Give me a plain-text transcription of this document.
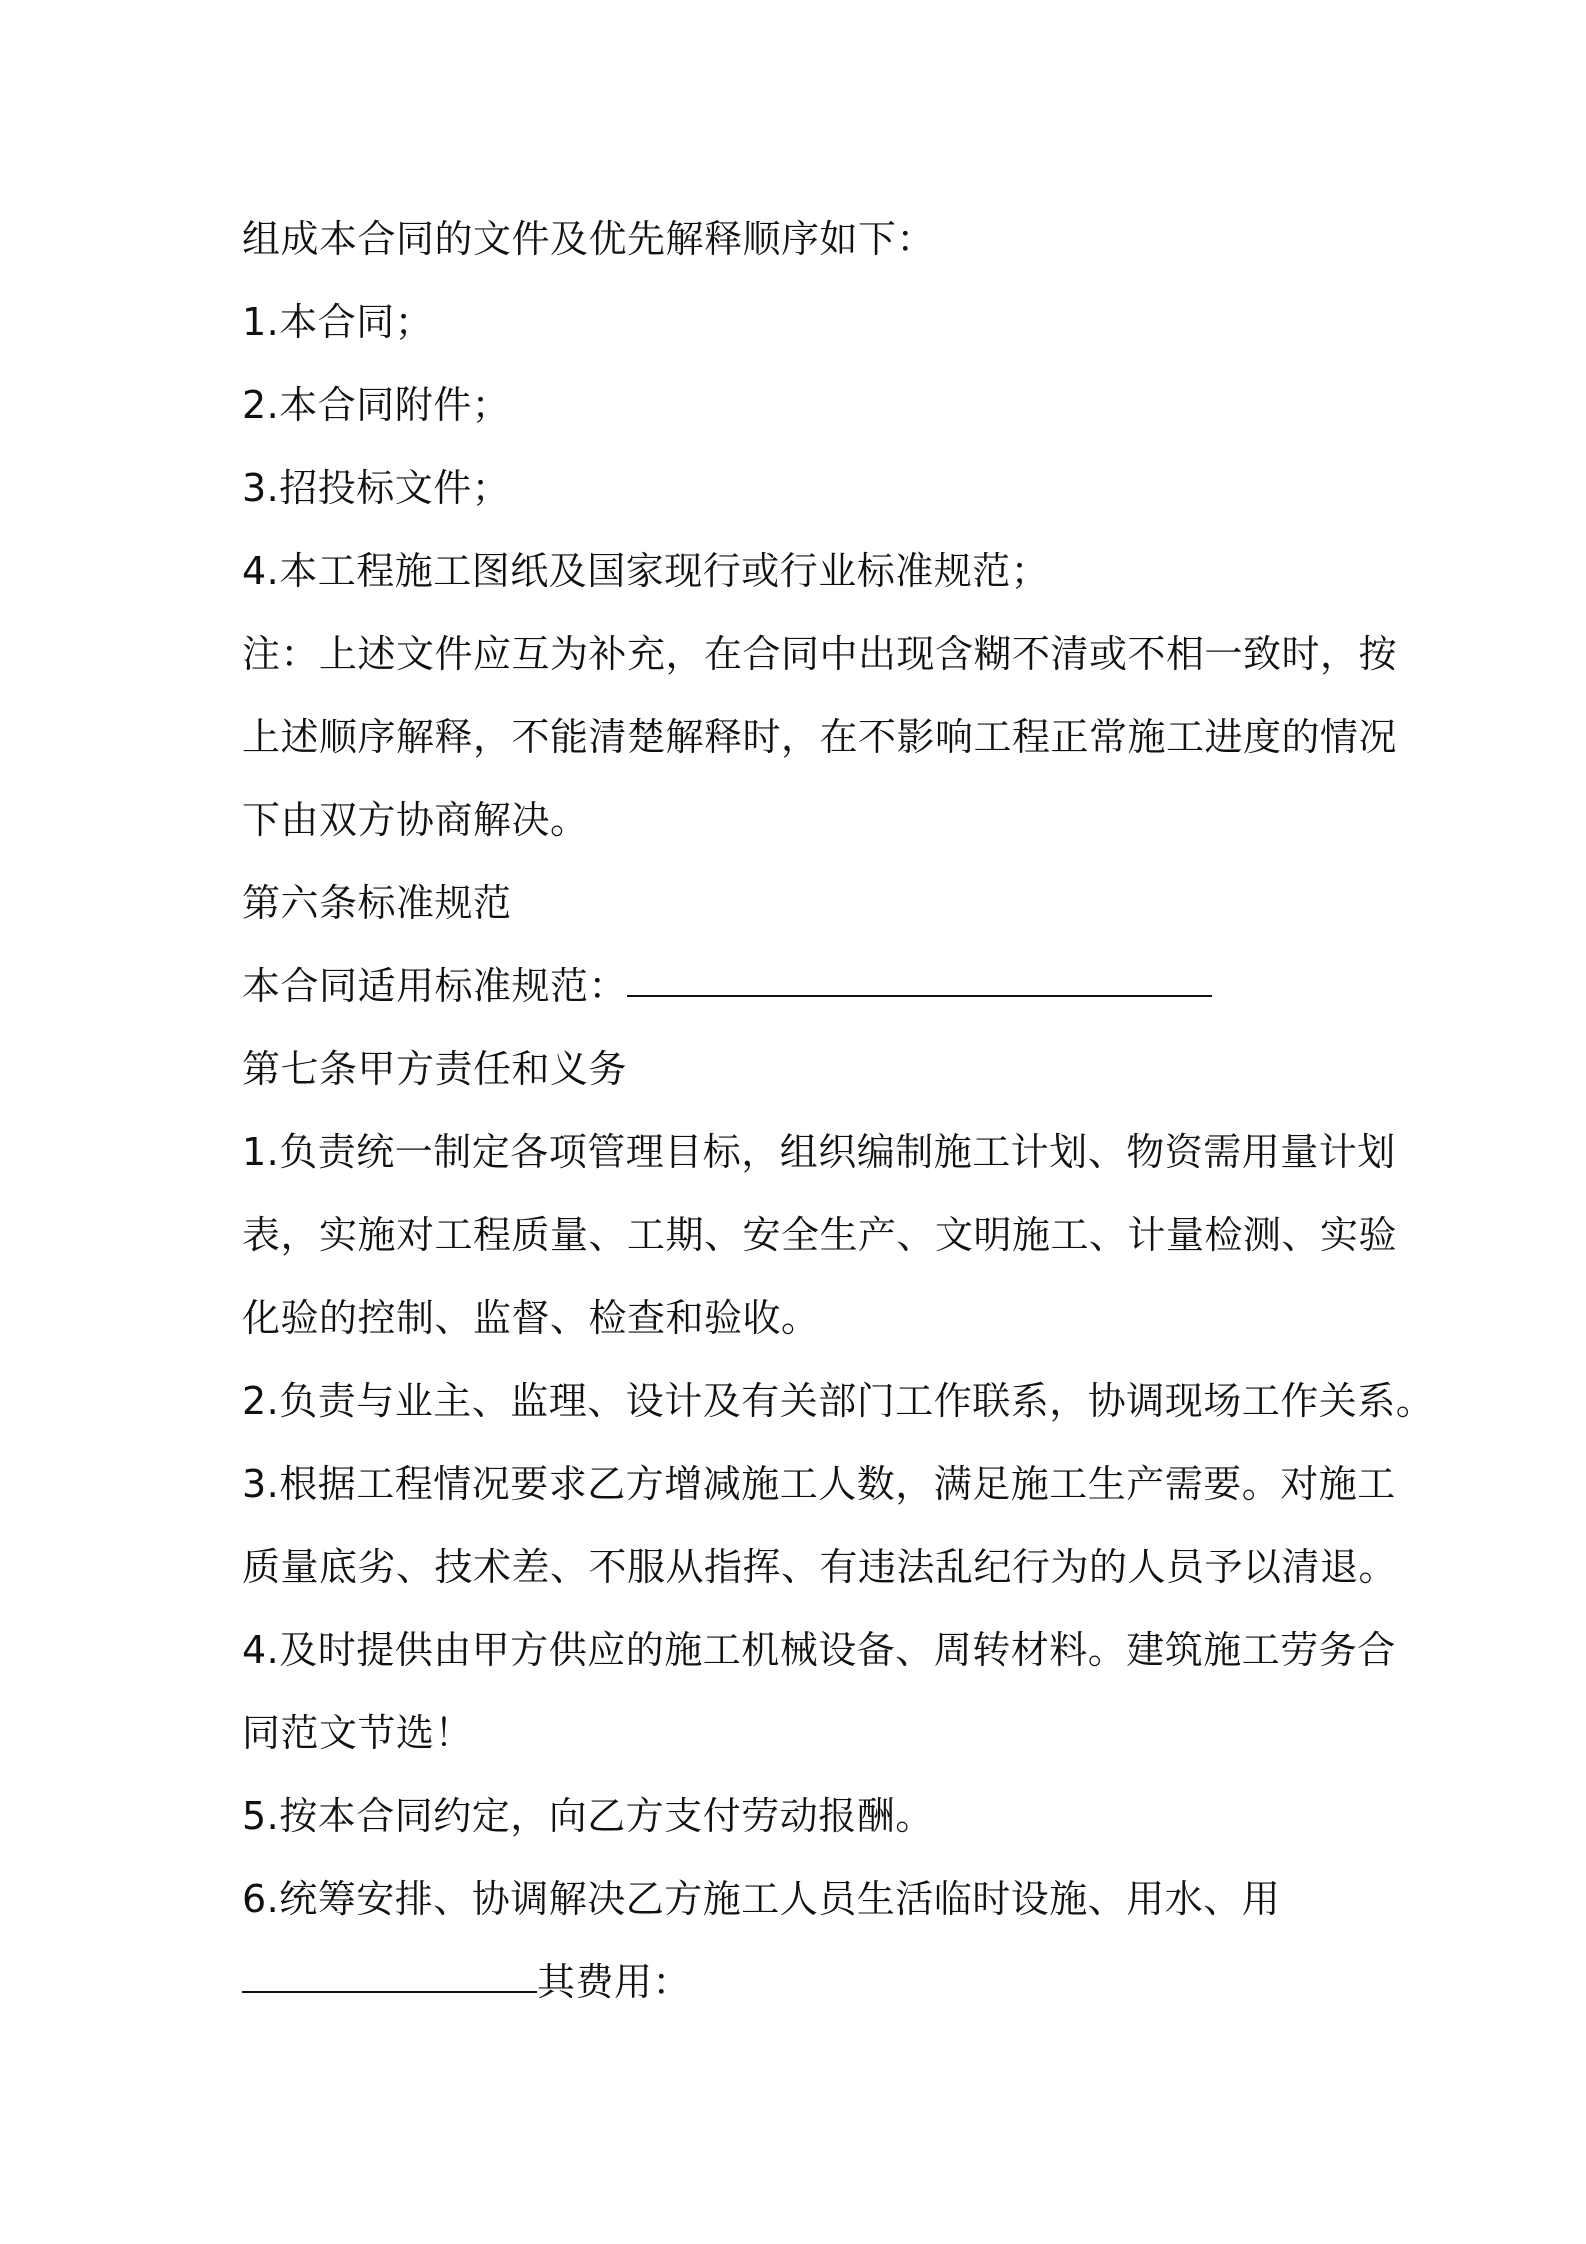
组成本合同的文件及优先解释顺序如下：
1.本合同；
2.本合同附件；
3.招投标文件；
4.本工程施工图纸及国家现行或行业标准规范；
注：上述文件应互为补充，在合同中出现含糊不清或不相一致时，按
上述顺序解释，不能清楚解释时，在不影响工程正常施工进度的情况
下由双方协商解决。
第六条标准规范
本合同适用标准规范：
第七条甲方责任和义务
1.负责统一制定各项管理目标，组织编制施工计划、物资需用量计划
表，实施对工程质量、工期、安全生产、文明施工、计量检测、实验
化验的控制、监督、检查和验收。
2.负责与业主、监理、设计及有关部门工作联系，协调现场工作关系。
3.根据工程情况要求乙方增减施工人数，满足施工生产需要。对施工
质量底劣、技术差、不服从指挥、有违法乱纪行为的人员予以清退。
4.及时提供由甲方供应的施工机械设备、周转材料。建筑施工劳务合
同范文节选！
5.按本合同约定，向乙方支付劳动报酬。
6.统筹安排、协调解决乙方施工人员生活临时设施、用水、用
其费用：
